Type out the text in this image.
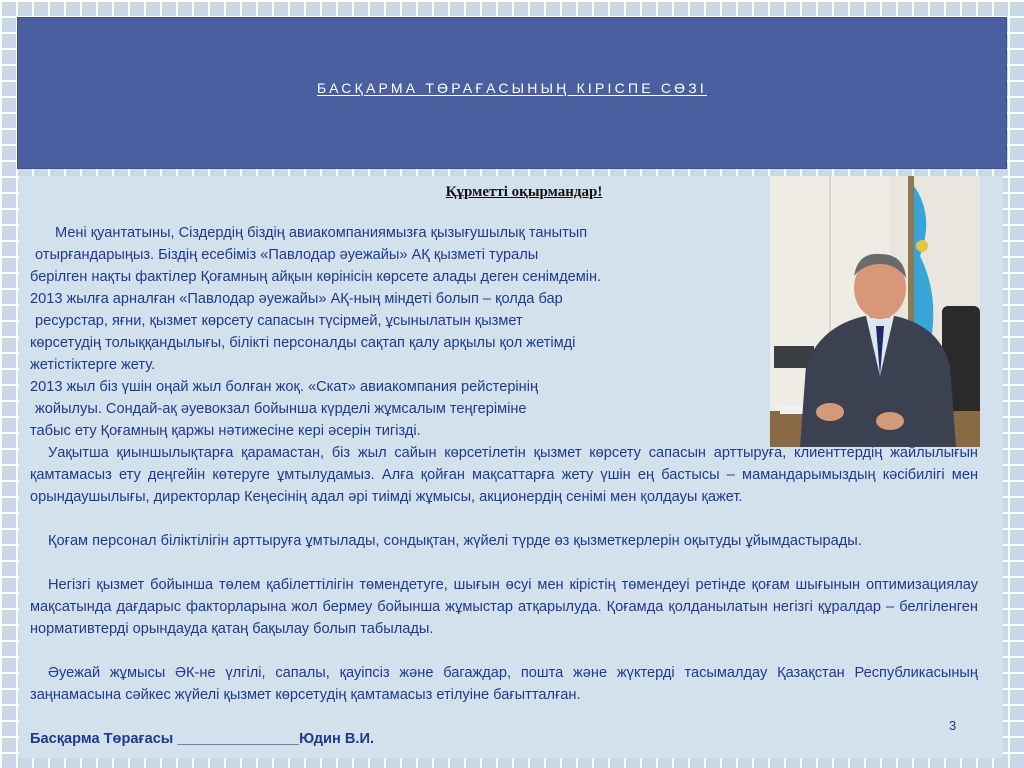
БАСҚАРМА ТӨРАҒАСЫНЫҢ КІРІСПЕ СӨЗІ
Құрметті оқырмандар!
Мені қуантатыны, Сіздердің біздің авиакомпаниямызға қызығушылық танытып
отырғандарыңыз. Біздің есебіміз «Павлодар әуежайы» АҚ қызметі туралы
берілген нақты фактілер Қоғамның айқын көрінісін көрсете алады деген сенімдемін.
2013 жылға арналған «Павлодар әуежайы» АҚ-ның міндеті болып – қолда бар
ресурстар, яғни, қызмет көрсету сапасын түсірмей, ұсынылатын қызмет
көрсетудің толыққандылығы, білікті персоналды сақтап қалу арқылы қол жетімді
жетістіктерге жету.
2013 жыл біз үшін оңай жыл болған жоқ. «Скат» авиакомпания рейстерінің
жойылуы. Сондай-ақ әуевокзал бойынша күрделі жұмсалым теңгеріміне
табыс ету Қоғамның қаржы нәтижесіне кері әсерін тигізді.

Уақытша қиыншылықтарға қарамастан, біз жыл сайын көрсетілетін қызмет көрсету сапасын арттыруға, клиенттердің жайлылығын қамтамасыз ету деңгейін көтеруге ұмтылудамыз. Алға қойған мақсаттарға жету үшін ең бастысы – мамандарымыздың кәсібилігі мен орындаушылығы, директорлар Кеңесінің адал әрі тиімді жұмысы, акционердің сенімі мен қолдауы қажет.

Қоғам персонал біліктілігін арттыруға ұмтылады, сондықтан, жүйелі түрде өз қызметкерлерін оқытуды ұйымдастырады.

Негізгі қызмет бойынша төлем қабілеттілігін төмендетуге, шығын өсуі мен кірістің төмендеуі ретінде қоғам шығынын оптимизациялау мақсатында дағдарыс факторларына жол бермеу бойынша жұмыстар атқарылуда. Қоғамда қолданылатын негізгі құралдар – белгіленген нормативтерді орындауда қатаң бақылау болып табылады.

Әуежай жұмысы ӘК-не үлгілі, сапалы, қауіпсіз және багаждар, пошта және жүктерді тасымалдау Қазақстан Республикасының заңнамасына сәйкес жүйелі қызмет көрсетудің қамтамасыз етілуіне бағытталған.

3
Басқарма Төрағасы _______________Юдин В.И.
